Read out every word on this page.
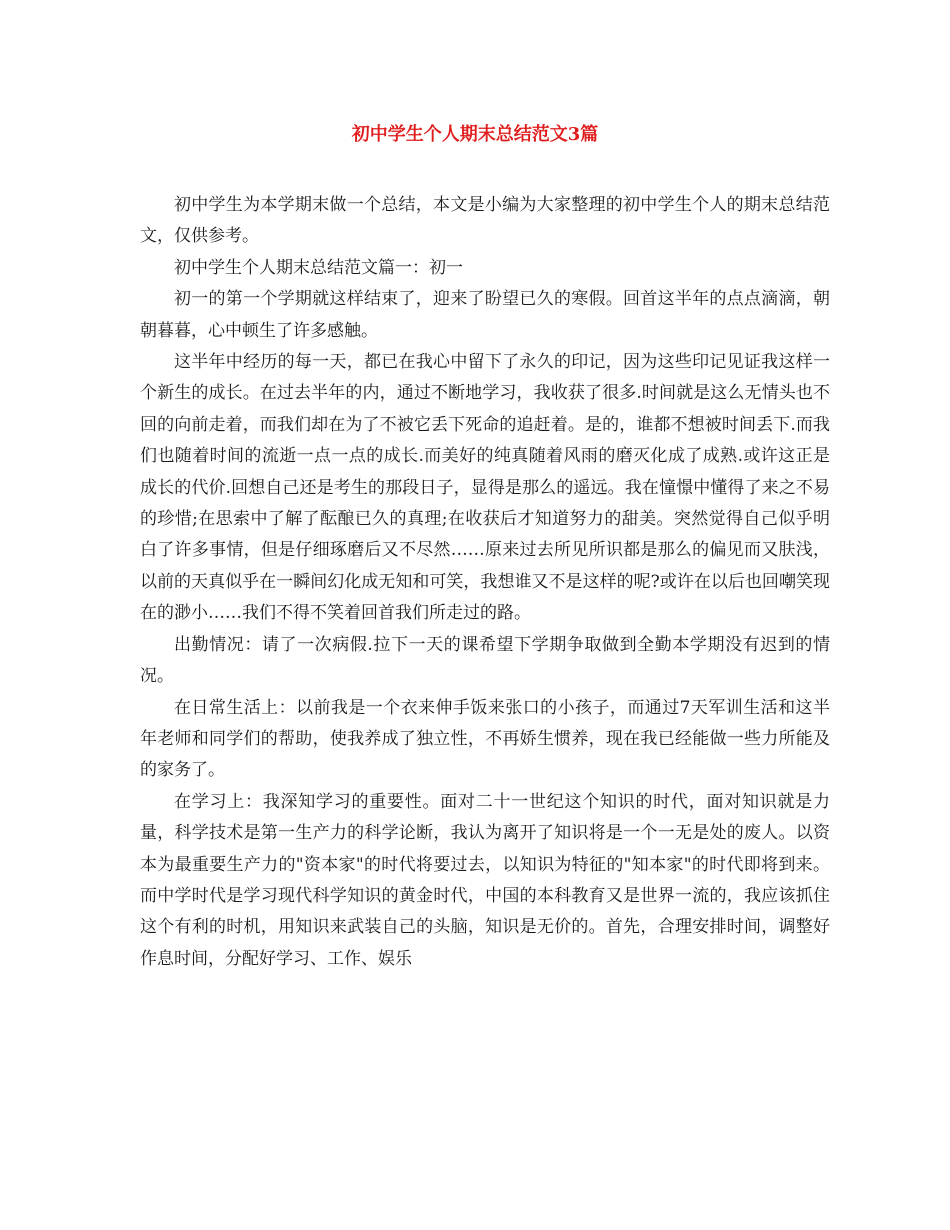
初中学生个人期末总结范文3篇

初中学生为本学期末做一个总结，本文是小编为大家整理的初中学生个人的期末总结范文，仅供参考。

初中学生个人期末总结范文篇一：初一

初一的第一个学期就这样结束了，迎来了盼望已久的寒假。回首这半年的点点滴滴，朝朝暮暮，心中顿生了许多感触。

这半年中经历的每一天，都已在我心中留下了永久的印记，因为这些印记见证我这样一个新生的成长。在过去半年的内，通过不断地学习，我收获了很多.时间就是这么无情头也不回的向前走着，而我们却在为了不被它丢下死命的追赶着。是的，谁都不想被时间丢下.而我们也随着时间的流逝一点一点的成长.而美好的纯真随着风雨的磨灭化成了成熟.或许这正是成长的代价.回想自己还是考生的那段日子，显得是那么的遥远。我在憧憬中懂得了来之不易的珍惜;在思索中了解了酝酿已久的真理;在收获后才知道努力的甜美。突然觉得自己似乎明白了许多事情，但是仔细琢磨后又不尽然……原来过去所见所识都是那么的偏见而又肤浅，以前的天真似乎在一瞬间幻化成无知和可笑，我想谁又不是这样的呢?或许在以后也回嘲笑现在的渺小……我们不得不笑着回首我们所走过的路。

出勤情况：请了一次病假.拉下一天的课希望下学期争取做到全勤本学期没有迟到的情况。

在日常生活上：以前我是一个衣来伸手饭来张口的小孩子，而通过7天军训生活和这半年老师和同学们的帮助，使我养成了独立性，不再娇生惯养，现在我已经能做一些力所能及的家务了。

在学习上：我深知学习的重要性。面对二十一世纪这个知识的时代，面对知识就是力量，科学技术是第一生产力的科学论断，我认为离开了知识将是一个一无是处的废人。以资本为最重要生产力的"资本家"的时代将要过去，以知识为特征的"知本家"的时代即将到来。而中学时代是学习现代科学知识的黄金时代，中国的本科教育又是世界一流的，我应该抓住这个有利的时机，用知识来武装自己的头脑，知识是无价的。首先，合理安排时间，调整好作息时间，分配好学习、工作、娱乐
